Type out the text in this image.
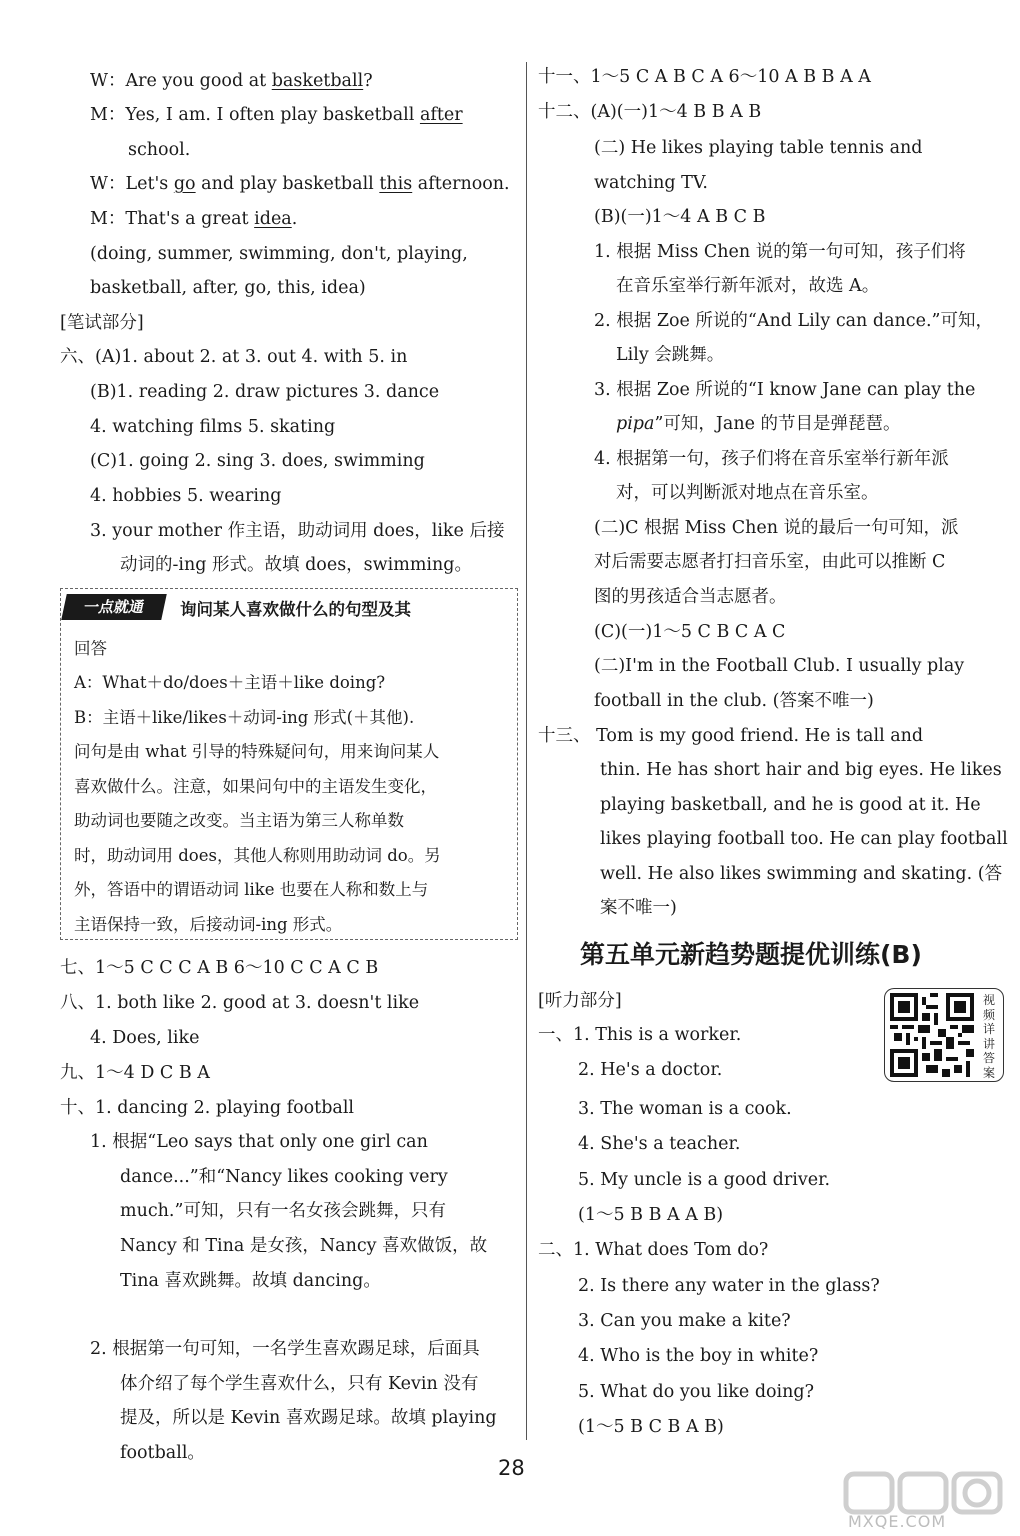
W：Are you good at basketball?
M：Yes, I am. I often play basketball after
school.
W：Let's go and play basketball this afternoon.
M：That's a great idea.
(doing, summer, swimming, don't, playing,
basketball, after, go, this, idea)
[笔试部分]
六、(A)1. about 2. at 3. out 4. with 5. in
(B)1. reading 2. draw pictures 3. dance
4. watching films 5. skating
(C)1. going 2. sing 3. does, swimming
4. hobbies 5. wearing
3. your mother 作主语，助动词用 does，like 后接
动词的-ing 形式。故填 does，swimming。
七、1～5 C C C A B 6～10 C C A C B
八、1. both like 2. good at 3. doesn't like
4. Does, like
九、1～4 D C B A
十、1. dancing 2. playing football
1. 根据“Leo says that only one girl can
dance...”和“Nancy likes cooking very
much.”可知，只有一名女孩会跳舞，只有
Nancy 和 Tina 是女孩，Nancy 喜欢做饭，故
Tina 喜欢跳舞。故填 dancing。
2. 根据第一句可知，一名学生喜欢踢足球，后面具
体介绍了每个学生喜欢什么，只有 Kevin 没有
提及，所以是 Kevin 喜欢踢足球。故填 playing
football。
十一、1～5 C A B C A 6～10 A B B A A
十二、(A)(一)1～4 B B A B
(二) He likes playing table tennis and
watching TV.
(B)(一)1～4 A B C B
1. 根据 Miss Chen 说的第一句可知，孩子们将
在音乐室举行新年派对，故选 A。
2. 根据 Zoe 所说的“And Lily can dance.”可知，
Lily 会跳舞。
3. 根据 Zoe 所说的“I know Jane can play the
pipa”可知，Jane 的节目是弹琵琶。
4. 根据第一句，孩子们将在音乐室举行新年派
对，可以判断派对地点在音乐室。
(二)C 根据 Miss Chen 说的最后一句可知，派
对后需要志愿者打扫音乐室，由此可以推断 C
图的男孩适合当志愿者。
(C)(一)1～5 C B C A C
(二)I'm in the Football Club. I usually play
football in the club. (答案不唯一)
十三、 Tom is my good friend. He is tall and
thin. He has short hair and big eyes. He likes
playing basketball, and he is good at it. He
likes playing football too. He can play football
well. He also likes swimming and skating. (答
案不唯一)
[听力部分]
一、1. This is a worker.
2. He's a doctor.
3. The woman is a cook.
4. She's a teacher.
5. My uncle is a good driver.
(1～5 B B A A B)
二、1. What does Tom do?
2. Is there any water in the glass?
3. Can you make a kite?
4. Who is the boy in white?
5. What do you like doing?
(1～5 B C B A B)
一点就通	询问某人喜欢做什么的句型及其
回答
A：What＋do/does＋主语＋like doing?
B：主语＋like/likes＋动词-ing 形式(＋其他).
问句是由 what 引导的特殊疑问句，用来询问某人
喜欢做什么。注意，如果问句中的主语发生变化，
助动词也要随之改变。当主语为第三人称单数
时，助动词用 does，其他人称则用助动词 do。另
外，答语中的谓语动词 like 也要在人称和数上与
主语保持一致，后接动词-ing 形式。
第五单元新趋势题提优训练(B)
视频详讲答案
28
MXQE.COM
